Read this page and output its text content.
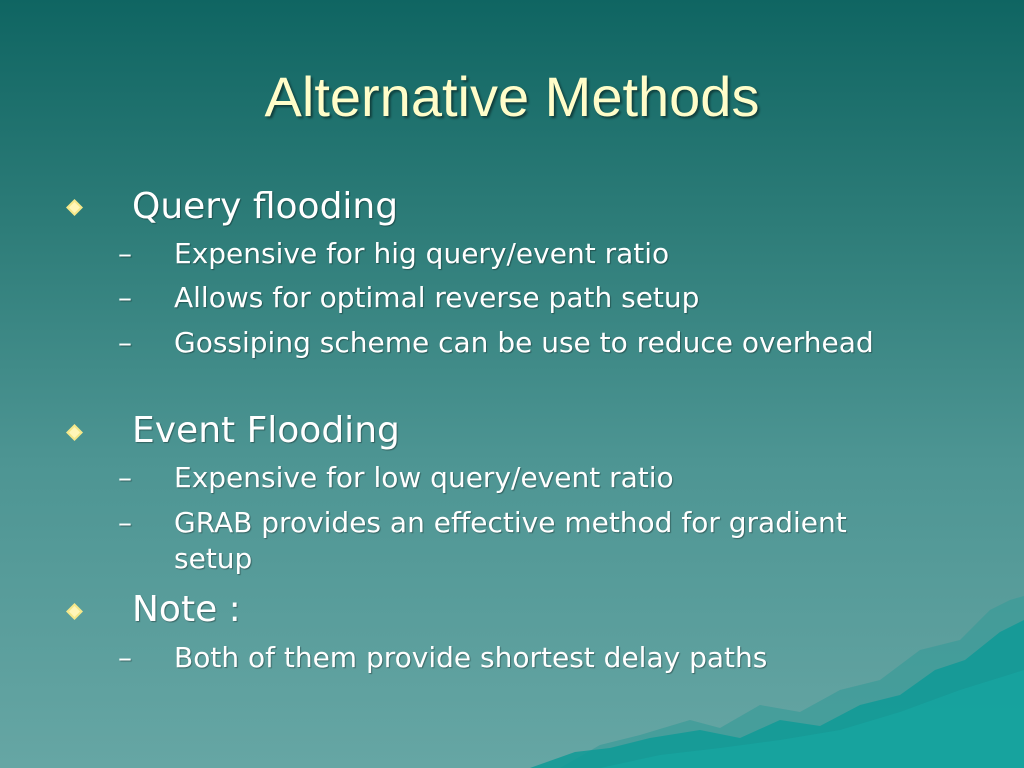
Alternative Methods
Query flooding
– Expensive for hig query/event ratio
– Allows for optimal reverse path setup
– Gossiping scheme can be use to reduce overhead
Event Flooding
– Expensive for low query/event ratio
– GRAB provides an effective method for gradient setup
Note :
– Both of them provide shortest delay paths
